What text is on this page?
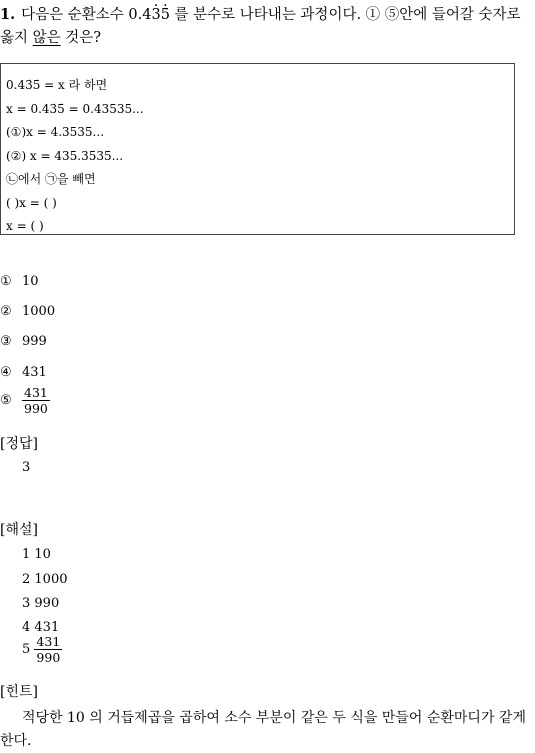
1. 다음은 순환소수 0.4· 3· 5 를 분수로 나타내는 과정이다. ① ⑤안에 들어갈 숫자로 옳지 않은 것은?
0.43̇5̇ = x 라 하면
x = 0.43̇5̇ = 0.43535...
(①)x = 4.3535...
(②) x = 435.3535...
㉡에서 ㉠을 빼면
( )x = ( )
x = ( )
① 10
② 1000
③ 999
④ 431
⑤ $\frac{431}{990}$
[정답]
3
[해설]
1 10
2 1000
3 990
4 431
$5 \frac{431}{990}$
[힌트]
적당한 10 의 거듭제곱을 곱하여 소수 부분이 같은 두 식을 만들어 순환마디가 같게 한다.
